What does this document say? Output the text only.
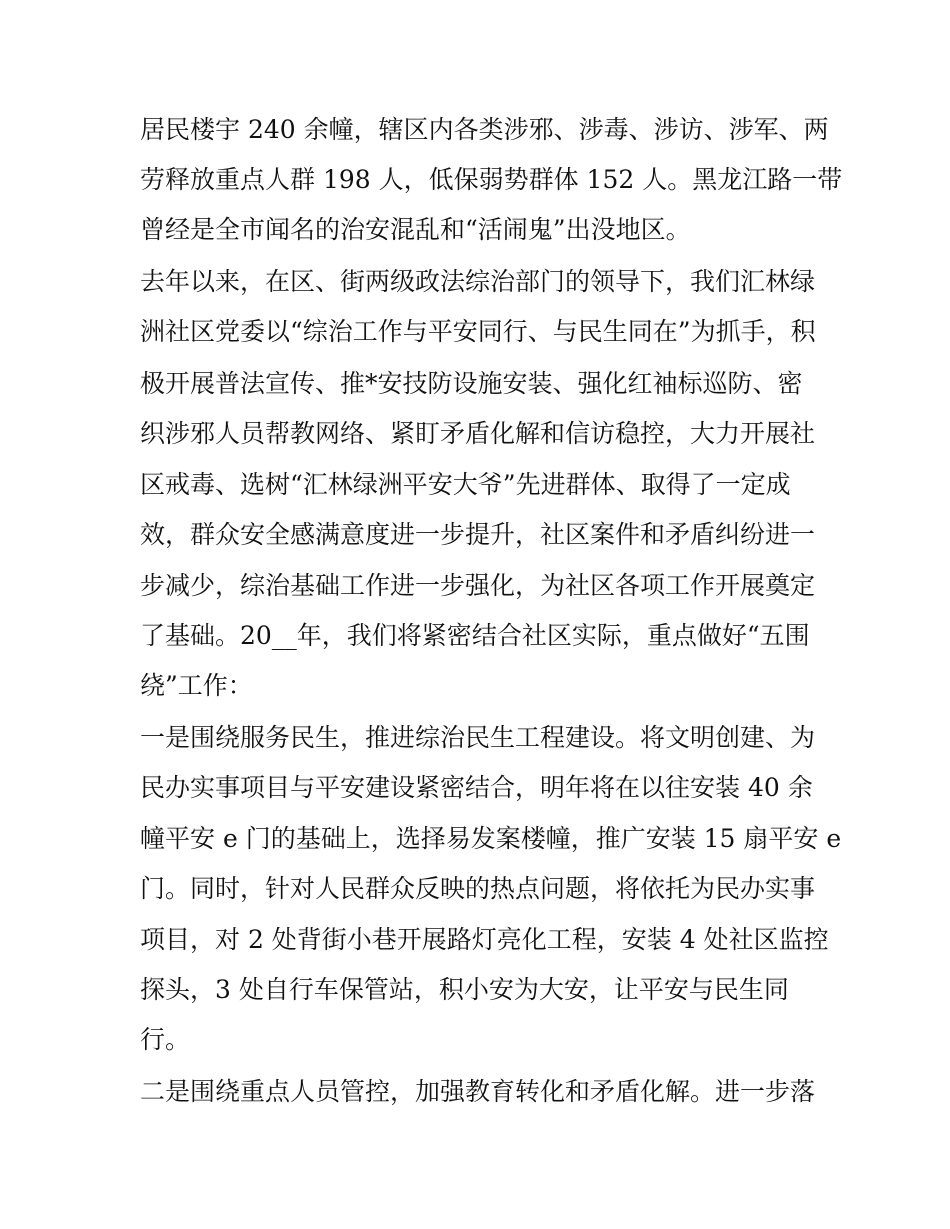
居民楼宇 240 余幢，辖区内各类涉邪、涉毒、涉访、涉军、两
劳释放重点人群 198 人，低保弱势群体 152 人。黑龙江路一带
曾经是全市闻名的治安混乱和“活闹鬼”出没地区。
去年以来，在区、街两级政法综治部门的领导下，我们汇林绿
洲社区党委以“综治工作与平安同行、与民生同在”为抓手，积
极开展普法宣传、推*安技防设施安装、强化红袖标巡防、密
织涉邪人员帮教网络、紧盯矛盾化解和信访稳控，大力开展社
区戒毒、选树“汇林绿洲平安大爷”先进群体、取得了一定成
效，群众安全感满意度进一步提升，社区案件和矛盾纠纷进一
步减少，综治基础工作进一步强化，为社区各项工作开展奠定
了基础。20__年，我们将紧密结合社区实际，重点做好“五围
绕”工作：
一是围绕服务民生，推进综治民生工程建设。将文明创建、为
民办实事项目与平安建设紧密结合，明年将在以往安装 40 余
幢平安 e 门的基础上，选择易发案楼幢，推广安装 15 扇平安 e
门。同时，针对人民群众反映的热点问题，将依托为民办实事
项目，对 2 处背街小巷开展路灯亮化工程，安装 4 处社区监控
探头，3 处自行车保管站，积小安为大安，让平安与民生同
行。
二是围绕重点人员管控，加强教育转化和矛盾化解。进一步落
